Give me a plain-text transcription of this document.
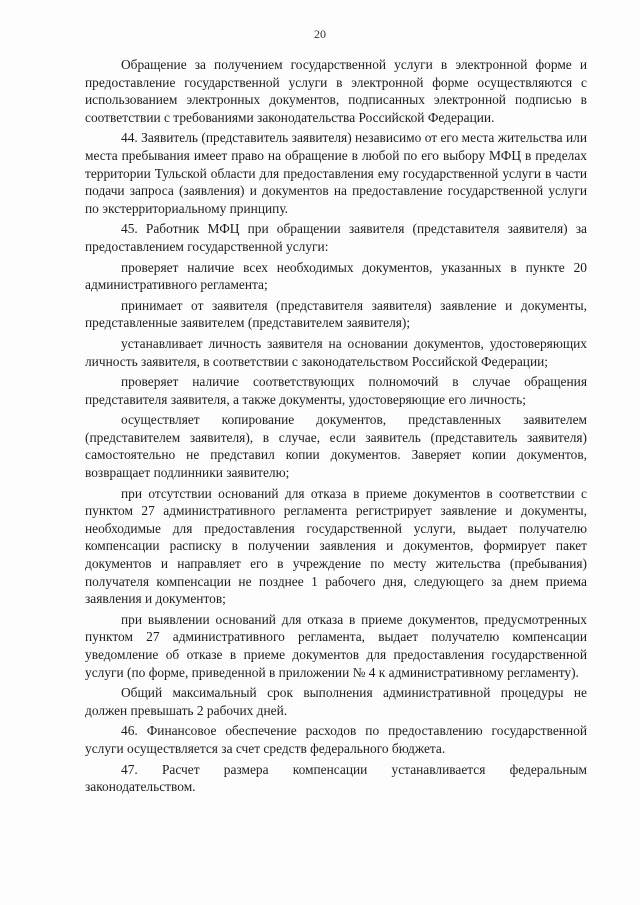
20

Обращение за получением государственной услуги в электронной форме и предоставление государственной услуги в электронной форме осуществляются с использованием электронных документов, подписанных электронной подписью в соответствии с требованиями законодательства Российской Федерации.

44. Заявитель (представитель заявителя) независимо от его места жительства или места пребывания имеет право на обращение в любой по его выбору МФЦ в пределах территории Тульской области для предоставления ему государственной услуги в части подачи запроса (заявления) и документов на предоставление государственной услуги по экстерриториальному принципу.

45. Работник МФЦ при обращении заявителя (представителя заявителя) за предоставлением государственной услуги:

проверяет наличие всех необходимых документов, указанных в пункте 20 административного регламента;

принимает от заявителя (представителя заявителя) заявление и документы, представленные заявителем (представителем заявителя);

устанавливает личность заявителя на основании документов, удостоверяющих личность заявителя, в соответствии с законодательством Российской Федерации;

проверяет наличие соответствующих полномочий в случае обращения представителя заявителя, а также документы, удостоверяющие его личность;

осуществляет копирование документов, представленных заявителем (представителем заявителя), в случае, если заявитель (представитель заявителя) самостоятельно не представил копии документов. Заверяет копии документов, возвращает подлинники заявителю;

при отсутствии оснований для отказа в приеме документов в соответствии с пунктом 27 административного регламента регистрирует заявление и документы, необходимые для предоставления государственной услуги, выдает получателю компенсации расписку в получении заявления и документов, формирует пакет документов и направляет его в учреждение по месту жительства (пребывания) получателя компенсации не позднее 1 рабочего дня, следующего за днем приема заявления и документов;

при выявлении оснований для отказа в приеме документов, предусмотренных пунктом 27 административного регламента, выдает получателю компенсации уведомление об отказе в приеме документов для предоставления государственной услуги (по форме, приведенной в приложении № 4 к административному регламенту).

Общий максимальный срок выполнения административной процедуры не должен превышать 2 рабочих дней.

46. Финансовое обеспечение расходов по предоставлению государственной услуги осуществляется за счет средств федерального бюджета.

47. Расчет размера компенсации устанавливается федеральным законодательством.
